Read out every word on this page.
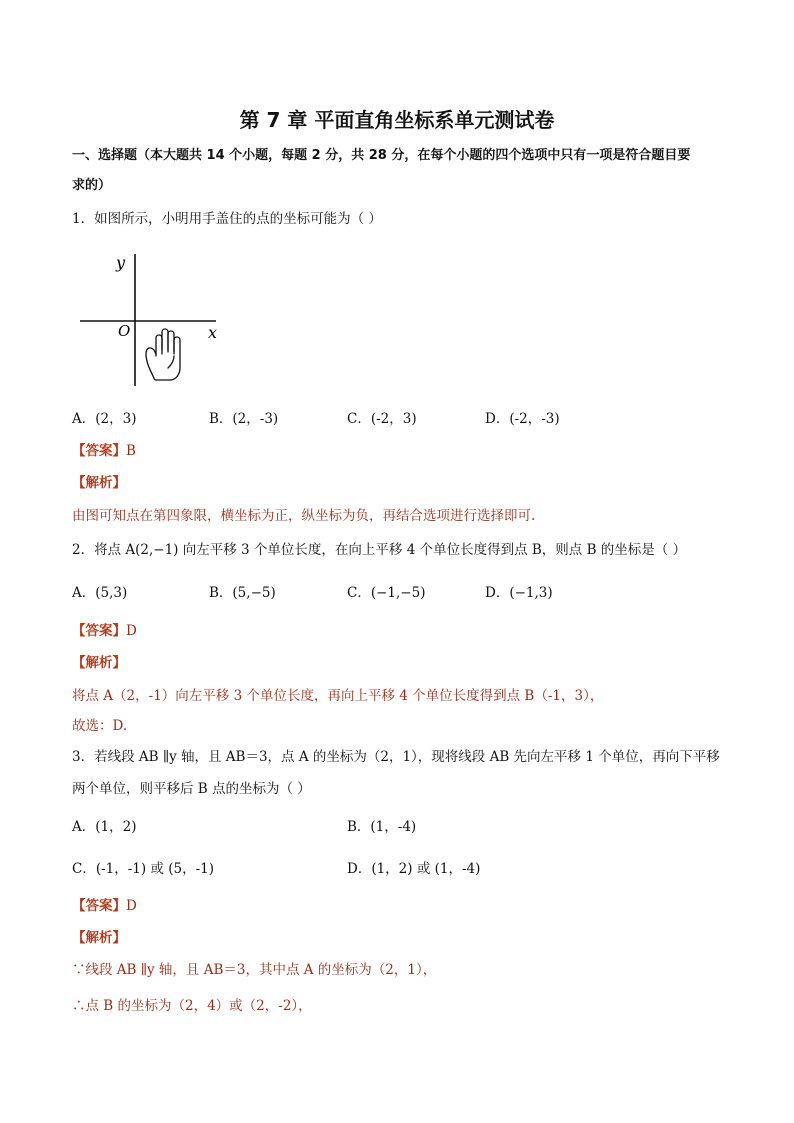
第 7 章 平面直角坐标系单元测试卷
一、选择题（本大题共 14 个小题，每题 2 分，共 28 分，在每个小题的四个选项中只有一项是符合题目要
求的）
1．如图所示，小明用手盖住的点的坐标可能为（ ）
y
x
O
A．(2，3)	B．(2，-3)	C．(-2，3)	D．(-2，-3)
【答案】B
【解析】
由图可知点在第四象限，横坐标为正，纵坐标为负，再结合选项进行选择即可.
2．将点 A(2,−1) 向左平移 3 个单位长度，在向上平移 4 个单位长度得到点 B，则点 B 的坐标是（ ）
A．(5,3)	B．(5,−5)	C．(−1,−5)	D．(−1,3)
【答案】D
【解析】
将点 A（2，-1）向左平移 3 个单位长度，再向上平移 4 个单位长度得到点 B（-1，3），
故选：D.
3．若线段 AB ∥y 轴，且 AB＝3，点 A 的坐标为（2，1），现将线段 AB 先向左平移 1 个单位，再向下平移
两个单位，则平移后 B 点的坐标为（ ）
A．(1，2)	B．(1，-4)
C．(-1，-1) 或 (5，-1)	D．(1，2) 或 (1，-4)
【答案】D
【解析】
∵线段 AB ∥y 轴，且 AB＝3，其中点 A 的坐标为（2，1），
∴点 B 的坐标为（2，4）或（2，-2），
